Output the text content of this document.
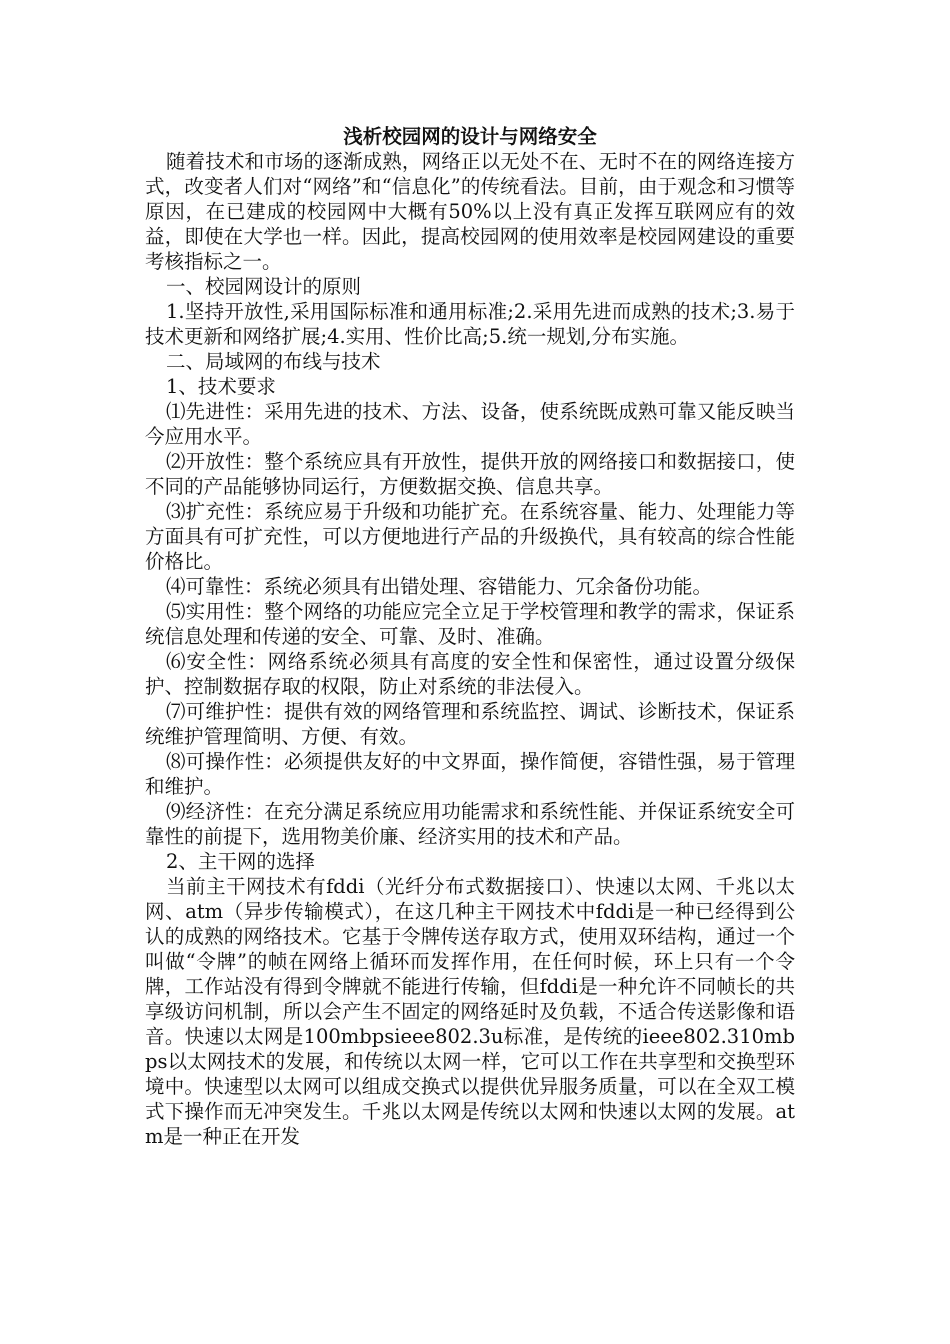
浅析校园网的设计与网络安全

随着技术和市场的逐渐成熟，网络正以无处不在、无时不在的网络连接方式，改变者人们对“网络”和“信息化”的传统看法。目前，由于观念和习惯等原因，在已建成的校园网中大概有50%以上没有真正发挥互联网应有的效益，即使在大学也一样。因此，提高校园网的使用效率是校园网建设的重要考核指标之一。

一、校园网设计的原则

1.坚持开放性,采用国际标准和通用标准;2.采用先进而成熟的技术;3.易于技术更新和网络扩展;4.实用、性价比高;5.统一规划,分布实施。

二、局域网的布线与技术

1、技术要求

⑴先进性：采用先进的技术、方法、设备，使系统既成熟可靠又能反映当今应用水平。

⑵开放性：整个系统应具有开放性，提供开放的网络接口和数据接口，使不同的产品能够协同运行，方便数据交换、信息共享。

⑶扩充性：系统应易于升级和功能扩充。在系统容量、能力、处理能力等方面具有可扩充性，可以方便地进行产品的升级换代，具有较高的综合性能价格比。

⑷可靠性：系统必须具有出错处理、容错能力、冗余备份功能。

⑸实用性：整个网络的功能应完全立足于学校管理和教学的需求，保证系统信息处理和传递的安全、可靠、及时、准确。

⑹安全性：网络系统必须具有高度的安全性和保密性，通过设置分级保护、控制数据存取的权限，防止对系统的非法侵入。

⑺可维护性：提供有效的网络管理和系统监控、调试、诊断技术，保证系统维护管理简明、方便、有效。

⑻可操作性：必须提供友好的中文界面，操作简便，容错性强，易于管理和维护。

⑼经济性：在充分满足系统应用功能需求和系统性能、并保证系统安全可靠性的前提下，选用物美价廉、经济实用的技术和产品。

2、主干网的选择

当前主干网技术有fddi（光纤分布式数据接口）、快速以太网、千兆以太网、atm（异步传输模式），在这几种主干网技术中fddi是一种已经得到公认的成熟的网络技术。它基于令牌传送存取方式，使用双环结构，通过一个叫做“令牌”的帧在网络上循环而发挥作用，在任何时候，环上只有一个令牌，工作站没有得到令牌就不能进行传输，但fddi是一种允许不同帧长的共享级访问机制，所以会产生不固定的网络延时及负载，不适合传送影像和语音。快速以太网是100mbpsieee802.3u标准，是传统的ieee802.310mbps以太网技术的发展，和传统以太网一样，它可以工作在共享型和交换型环境中。快速型以太网可以组成交换式以提供优异服务质量，可以在全双工模式下操作而无冲突发生。千兆以太网是传统以太网和快速以太网的发展。atm是一种正在开发
